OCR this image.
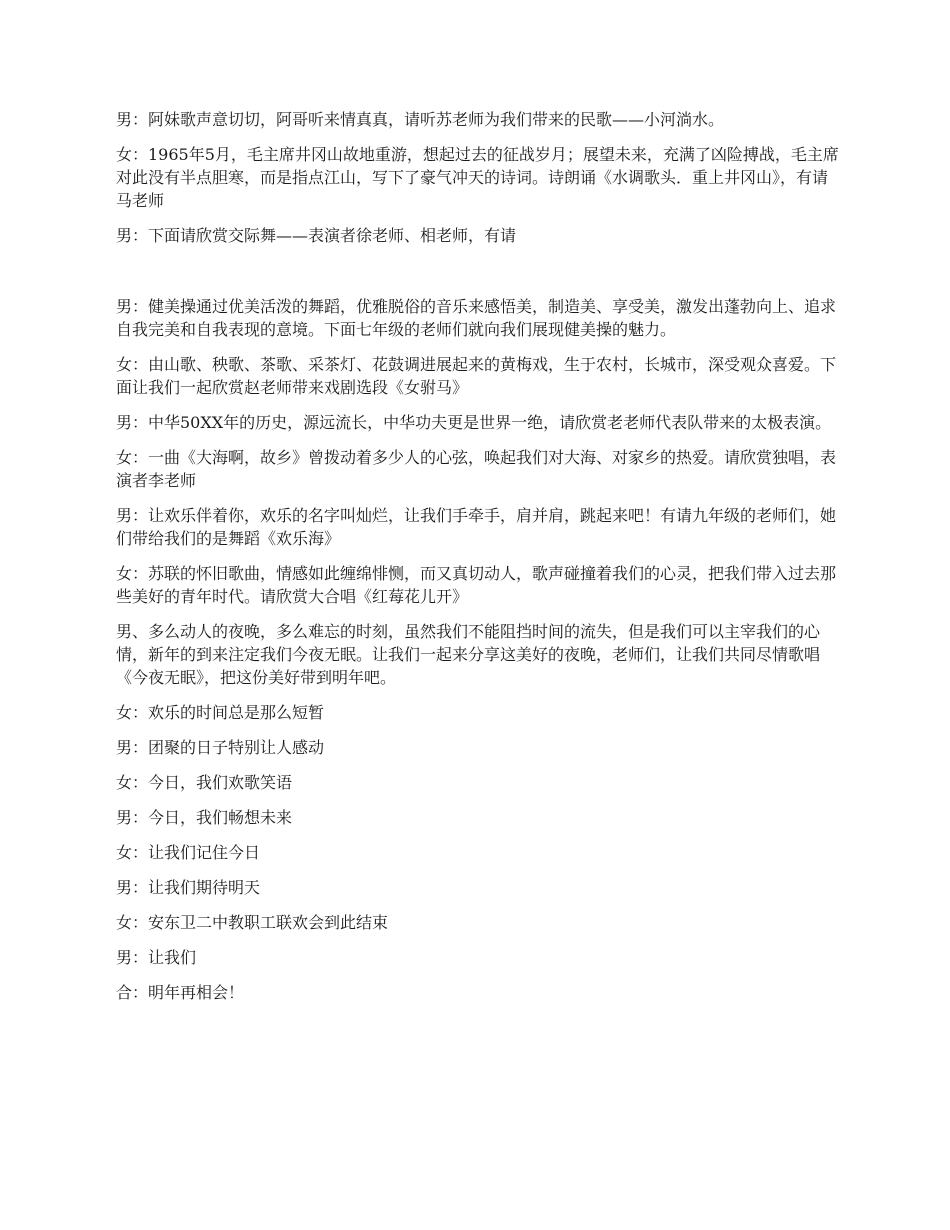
男：阿妹歌声意切切，阿哥听来情真真，请听苏老师为我们带来的民歌——小河淌水。

女：1965年5月，毛主席井冈山故地重游，想起过去的征战岁月；展望未来，充满了凶险搏战，毛主席对此没有半点胆寒，而是指点江山，写下了豪气冲天的诗词。诗朗诵《水调歌头．重上井冈山》，有请马老师

男：下面请欣赏交际舞——表演者徐老师、相老师，有请

男：健美操通过优美活泼的舞蹈，优雅脱俗的音乐来感悟美，制造美、享受美，激发出蓬勃向上、追求自我完美和自我表现的意境。下面七年级的老师们就向我们展现健美操的魅力。

女：由山歌、秧歌、茶歌、采茶灯、花鼓调进展起来的黄梅戏，生于农村，长城市，深受观众喜爱。下面让我们一起欣赏赵老师带来戏剧选段《女驸马》

男：中华50XX年的历史，源远流长，中华功夫更是世界一绝，请欣赏老老师代表队带来的太极表演。

女：一曲《大海啊，故乡》曾拨动着多少人的心弦，唤起我们对大海、对家乡的热爱。请欣赏独唱，表演者李老师

男：让欢乐伴着你，欢乐的名字叫灿烂，让我们手牵手，肩并肩，跳起来吧！有请九年级的老师们，她们带给我们的是舞蹈《欢乐海》

女：苏联的怀旧歌曲，情感如此缠绵悱恻，而又真切动人，歌声碰撞着我们的心灵，把我们带入过去那些美好的青年时代。请欣赏大合唱《红莓花儿开》

男、多么动人的夜晚，多么难忘的时刻，虽然我们不能阻挡时间的流失，但是我们可以主宰我们的心情，新年的到来注定我们今夜无眠。让我们一起来分享这美好的夜晚，老师们，让我们共同尽情歌唱《今夜无眠》，把这份美好带到明年吧。

女：欢乐的时间总是那么短暂

男：团聚的日子特别让人感动

女：今日，我们欢歌笑语

男：今日，我们畅想未来

女：让我们记住今日

男：让我们期待明天

女：安东卫二中教职工联欢会到此结束

男：让我们

合：明年再相会！
